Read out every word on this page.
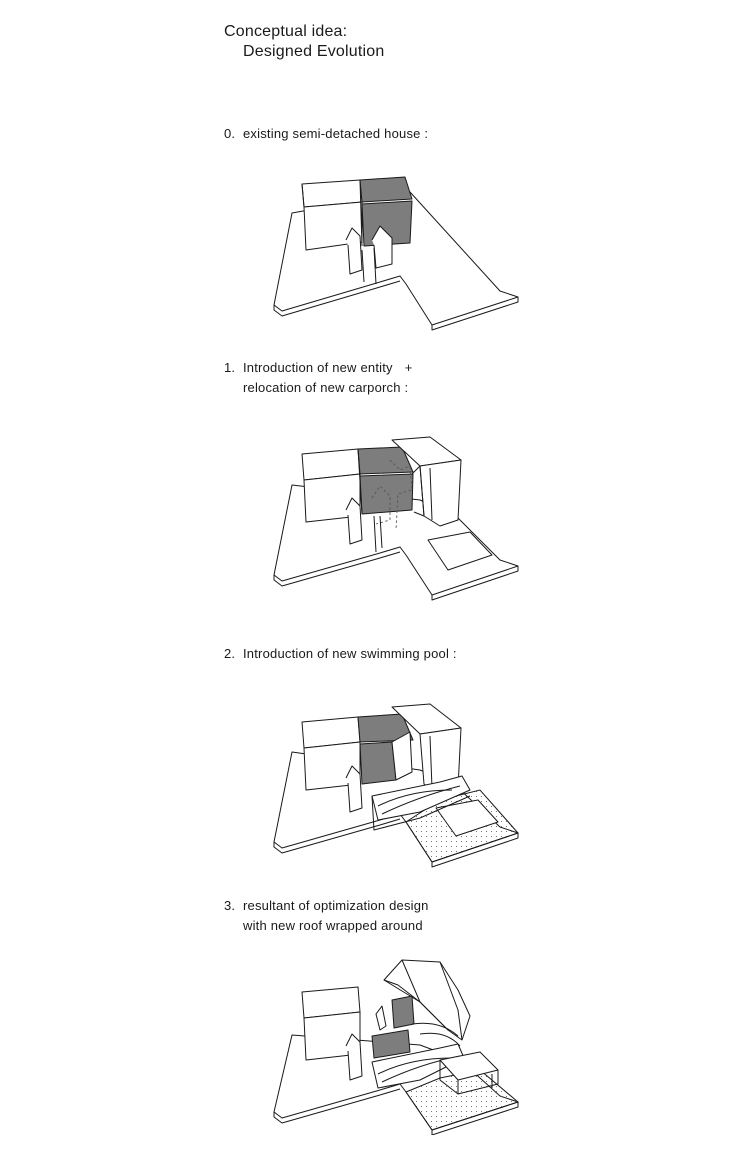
Conceptual idea:
Designed Evolution
0. existing semi-detached house :
1. Introduction of new entity +
relocation of new carporch :
2. Introduction of new swimming pool :
3. resultant of optimization design
with new roof wrapped around
